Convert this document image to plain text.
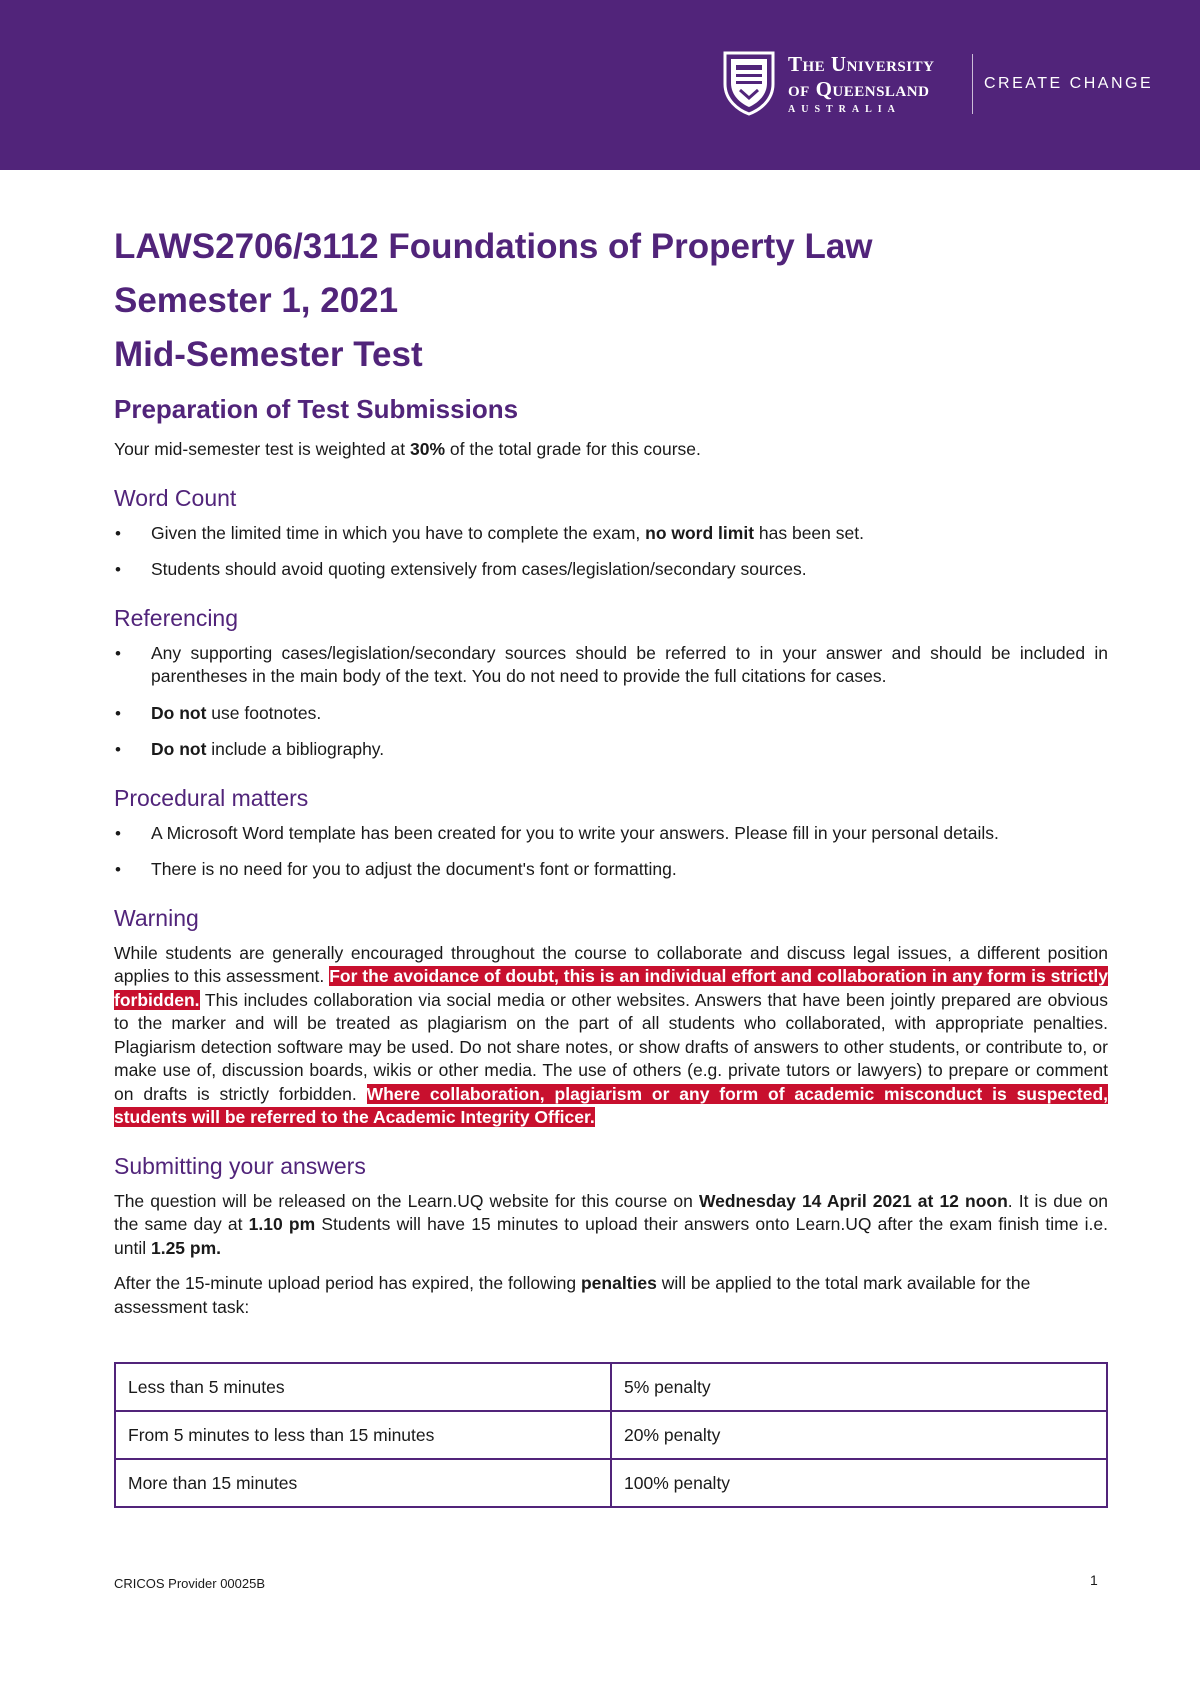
The University
of Queensland
AUSTRALIA
CREATE CHANGE
LAWS2706/3112 Foundations of Property Law
Semester 1, 2021
Mid-Semester Test
Preparation of Test Submissions

Your mid-semester test is weighted at 30% of the total grade for this course.

Word Count
• Given the limited time in which you have to complete the exam, no word limit has been set.
• Students should avoid quoting extensively from cases/legislation/secondary sources.
Referencing
• Any supporting cases/legislation/secondary sources should be referred to in your answer and should be included in parentheses in the main body of the text. You do not need to provide the full citations for cases.
• Do not use footnotes.
• Do not include a bibliography.
Procedural matters
• A Microsoft Word template has been created for you to write your answers. Please fill in your personal details.
• There is no need for you to adjust the document's font or formatting.
Warning

While students are generally encouraged throughout the course to collaborate and discuss legal issues, a different position applies to this assessment. For the avoidance of doubt, this is an individual effort and collaboration in any form is strictly forbidden. This includes collaboration via social media or other websites. Answers that have been jointly prepared are obvious to the marker and will be treated as plagiarism on the part of all students who collaborated, with appropriate penalties. Plagiarism detection software may be used. Do not share notes, or show drafts of answers to other students, or contribute to, or make use of, discussion boards, wikis or other media. The use of others (e.g. private tutors or lawyers) to prepare or comment on drafts is strictly forbidden. Where collaboration, plagiarism or any form of academic misconduct is suspected, students will be referred to the Academic Integrity Officer.

Submitting your answers

The question will be released on the Learn.UQ website for this course on Wednesday 14 April 2021 at 12 noon. It is due on the same day at 1.10 pm Students will have 15 minutes to upload their answers onto Learn.UQ after the exam finish time i.e. until 1.25 pm.

After the 15-minute upload period has expired, the following penalties will be applied to the total mark available for the assessment task:

Less than 5 minutes	5% penalty
From 5 minutes to less than 15 minutes	20% penalty
More than 15 minutes	100% penalty
CRICOS Provider 00025B	1
